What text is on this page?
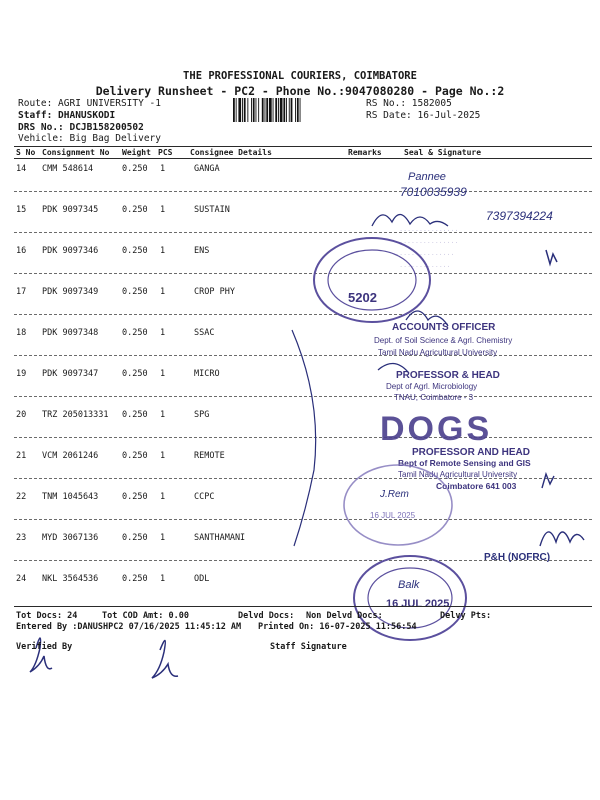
THE PROFESSIONAL COURIERS, COIMBATORE
Delivery Runsheet - PC2 - Phone No.:9047080280 - Page No.:2
Route: AGRI UNIVERSITY -1
Staff: DHANUSKODI
DRS No.: DCJB158200502
Vehicle: Big Bag Delivery
RS No.: 1582005
RS Date: 16-Jul-2025
S No Consignment No Weight PCS Consignee Details	Remarks	Seal & Signature
14 CMM 548614	0.250 1	GANGA
15 PDK 9097345	0.250 1	SUSTAIN
16 PDK 9097346	0.250 1	ENS
17 PDK 9097349	0.250 1	CROP PHY
18 PDK 9097348	0.250 1	SSAC
19 PDK 9097347	0.250 1	MICRO
20 TRZ 205013331 0.250 1	SPG
21 VCM 2061246	0.250 1	REMOTE
22 TNM 1045643	0.250 1	CCPC
23 MYD 3067136	0.250 1	SANTHAMANI
24 NKL 3564536	0.250 1	ODL
Pannee
7010035939
7397394224
· · · · · · · · · · · · · · ·
· · · · · · · · · · · · · · · ·
· · · · · · · · · · · · · · ·
· · · · · · · · · · · · ·
5202
ACCOUNTS OFFICER
Dept. of Soil Science & Agrl. Chemistry
Tamil Nadu Agricultural University
PROFESSOR & HEAD
Dept of Agrl. Microbiology
TNAU, Coimbatore - 3
DOGS
PROFESSOR AND HEAD
Bept of Remote Sensing and GIS
Tamil Nadu Agricultural University
Coimbatore 641 003
16 JUL 2025
J.Rem
P&H (NOFRC)
16 JUL 2025
Balk
Tot Docs: 24	Tot COD Amt: 0.00	Delvd Docs: Non Delvd Docs:	Delvy Pts:
Entered By :DANUSHPC2 07/16/2025 11:45:12 AM Printed On: 16-07-2025 11:56:54
Verified By	Staff Signature
